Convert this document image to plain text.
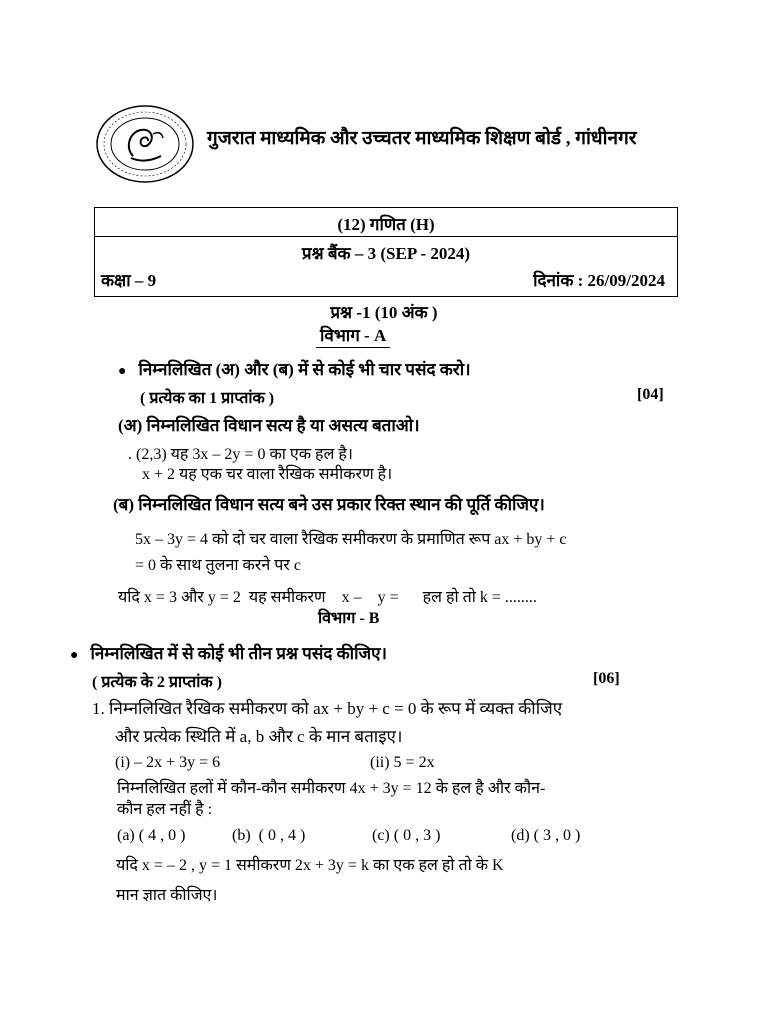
गुजरात माध्यमिक और उच्चतर माध्यमिक शिक्षण बोर्ड , गांधीनगर
(12) गणित (H)
प्रश्न बैंक – 3 (SEP - 2024)
कक्षा – 9	दिनांक : 26/09/2024
प्रश्न -1 (10 अंक )
विभाग - A
● निम्नलिखित (अ) और (ब) में से कोई भी चार पसंद करो।
( प्रत्येक का 1 प्राप्तांक )	[04]
(अ) निम्नलिखित विधान सत्य है या असत्य बताओ।
. (2,3) यह 3x – 2y = 0 का एक हल है।
x + 2 यह एक चर वाला रैखिक समीकरण है।
(ब) निम्नलिखित विधान सत्य बने उस प्रकार रिक्त स्थान की पूर्ति कीजिए।
5x – 3y = 4 को दो चर वाला रैखिक समीकरण के प्रमाणित रूप ax + by + c
= 0 के साथ तुलना करने पर c
यदि x = 3 और y = 2  यह समीकरण    x –    y =      हल हो तो k = ........
विभाग - B
● निम्नलिखित में से कोई भी तीन प्रश्न पसंद कीजिए।
( प्रत्येक के 2 प्राप्तांक )	[06]
1. निम्नलिखित रैखिक समीकरण को ax + by + c = 0 के रूप में व्यक्त कीजिए
और प्रत्येक स्थिति में a, b और c के मान बताइए।
(i) – 2x + 3y = 6	(ii) 5 = 2x
निम्नलिखित हलों में कौन-कौन समीकरण 4x + 3y = 12 के हल है और कौन-
कौन हल नहीं है :
(a) ( 4 , 0 )	(b)  ( 0 , 4 )	(c) ( 0 , 3 )	(d) ( 3 , 0 )
यदि x = – 2 , y = 1 समीकरण 2x + 3y = k का एक हल हो तो के K
मान ज्ञात कीजिए।
